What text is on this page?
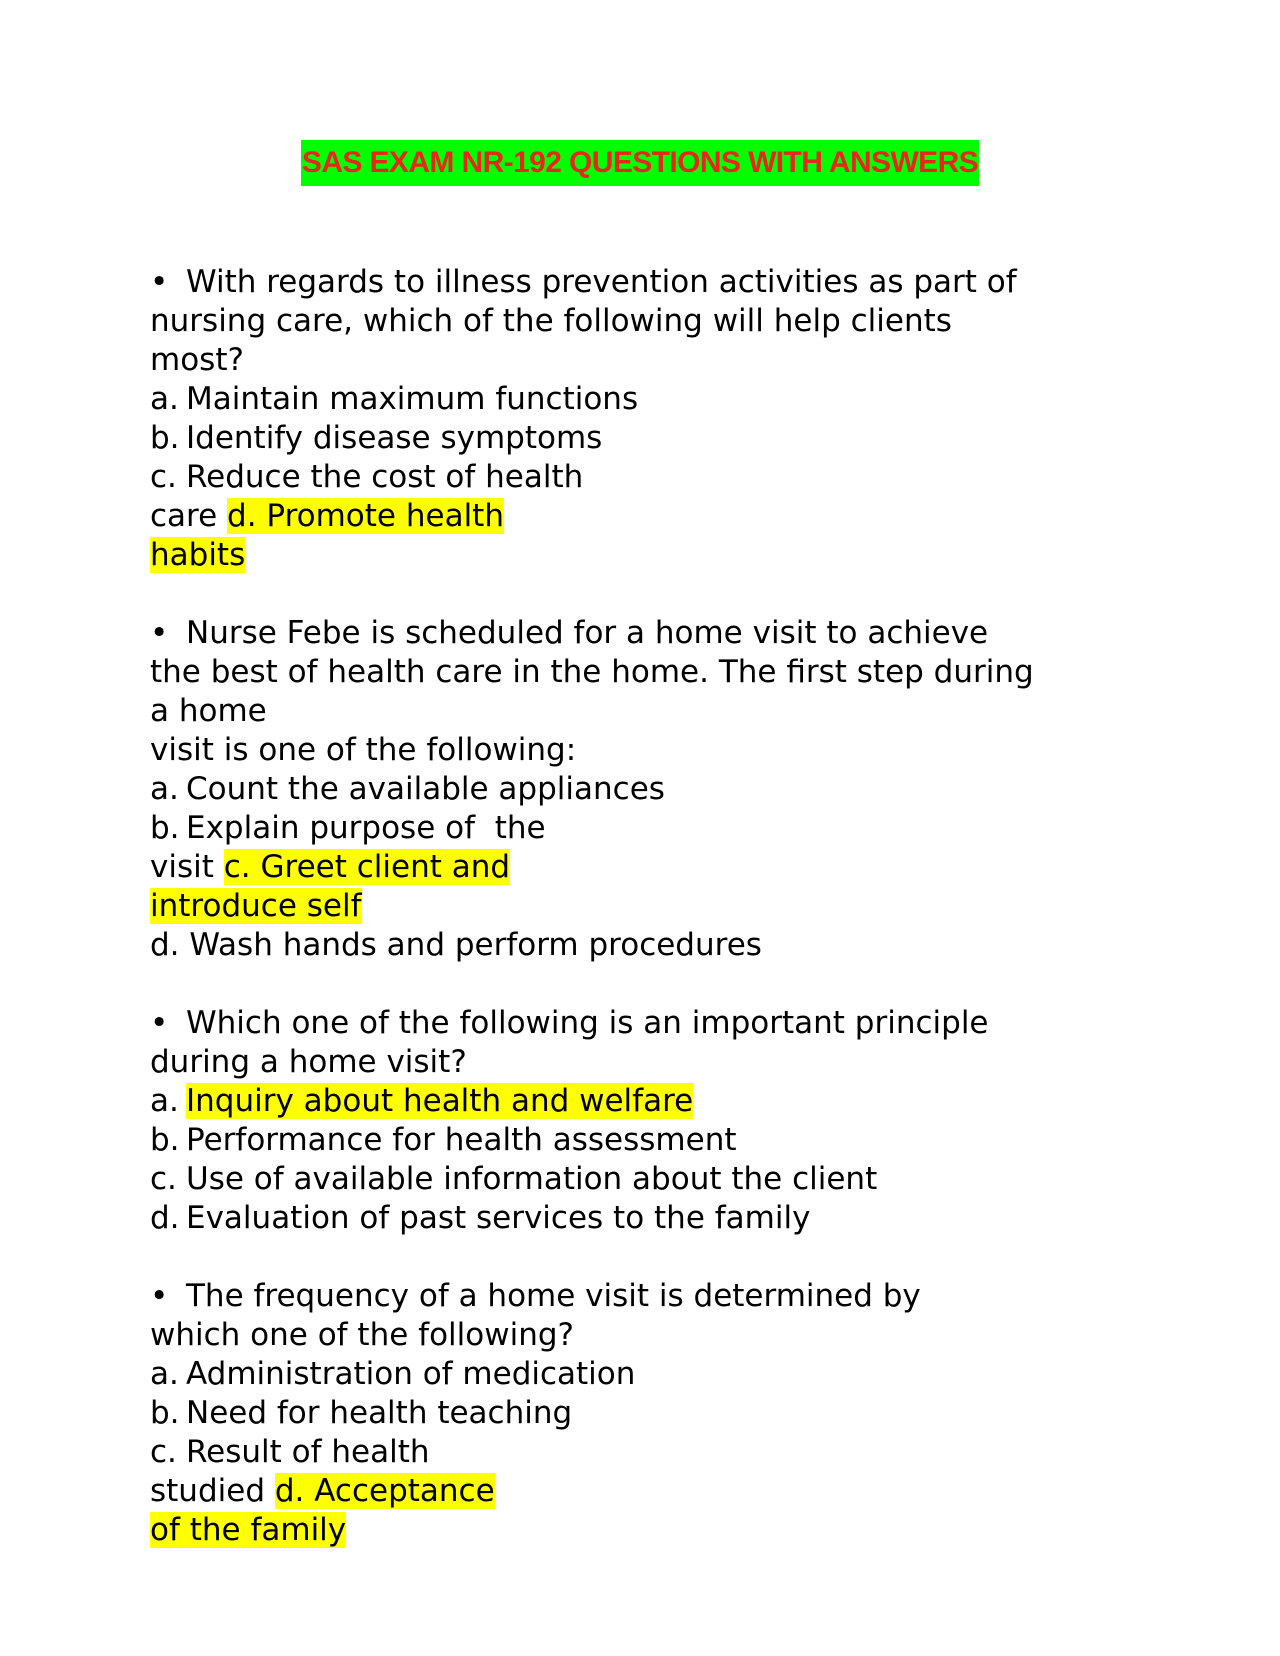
SAS EXAM NR-192 QUESTIONS WITH ANSWERS
• With regards to illness prevention activities as part of
nursing care, which of the following will help clients
most?
a. Maintain maximum functions
b. Identify disease symptoms
c. Reduce the cost of health
care d. Promote health
habits
• Nurse Febe is scheduled for a home visit to achieve
the best of health care in the home. The first step during
a home
visit is one of the following:
a. Count the available appliances
b. Explain purpose of  the
visit c. Greet client and
introduce self
d. Wash hands and perform procedures
• Which one of the following is an important principle
during a home visit?
a. Inquiry about health and welfare
b. Performance for health assessment
c. Use of available information about the client
d. Evaluation of past services to the family
• The frequency of a home visit is determined by
which one of the following?
a. Administration of medication
b. Need for health teaching
c. Result of health
studied d. Acceptance
of the family
